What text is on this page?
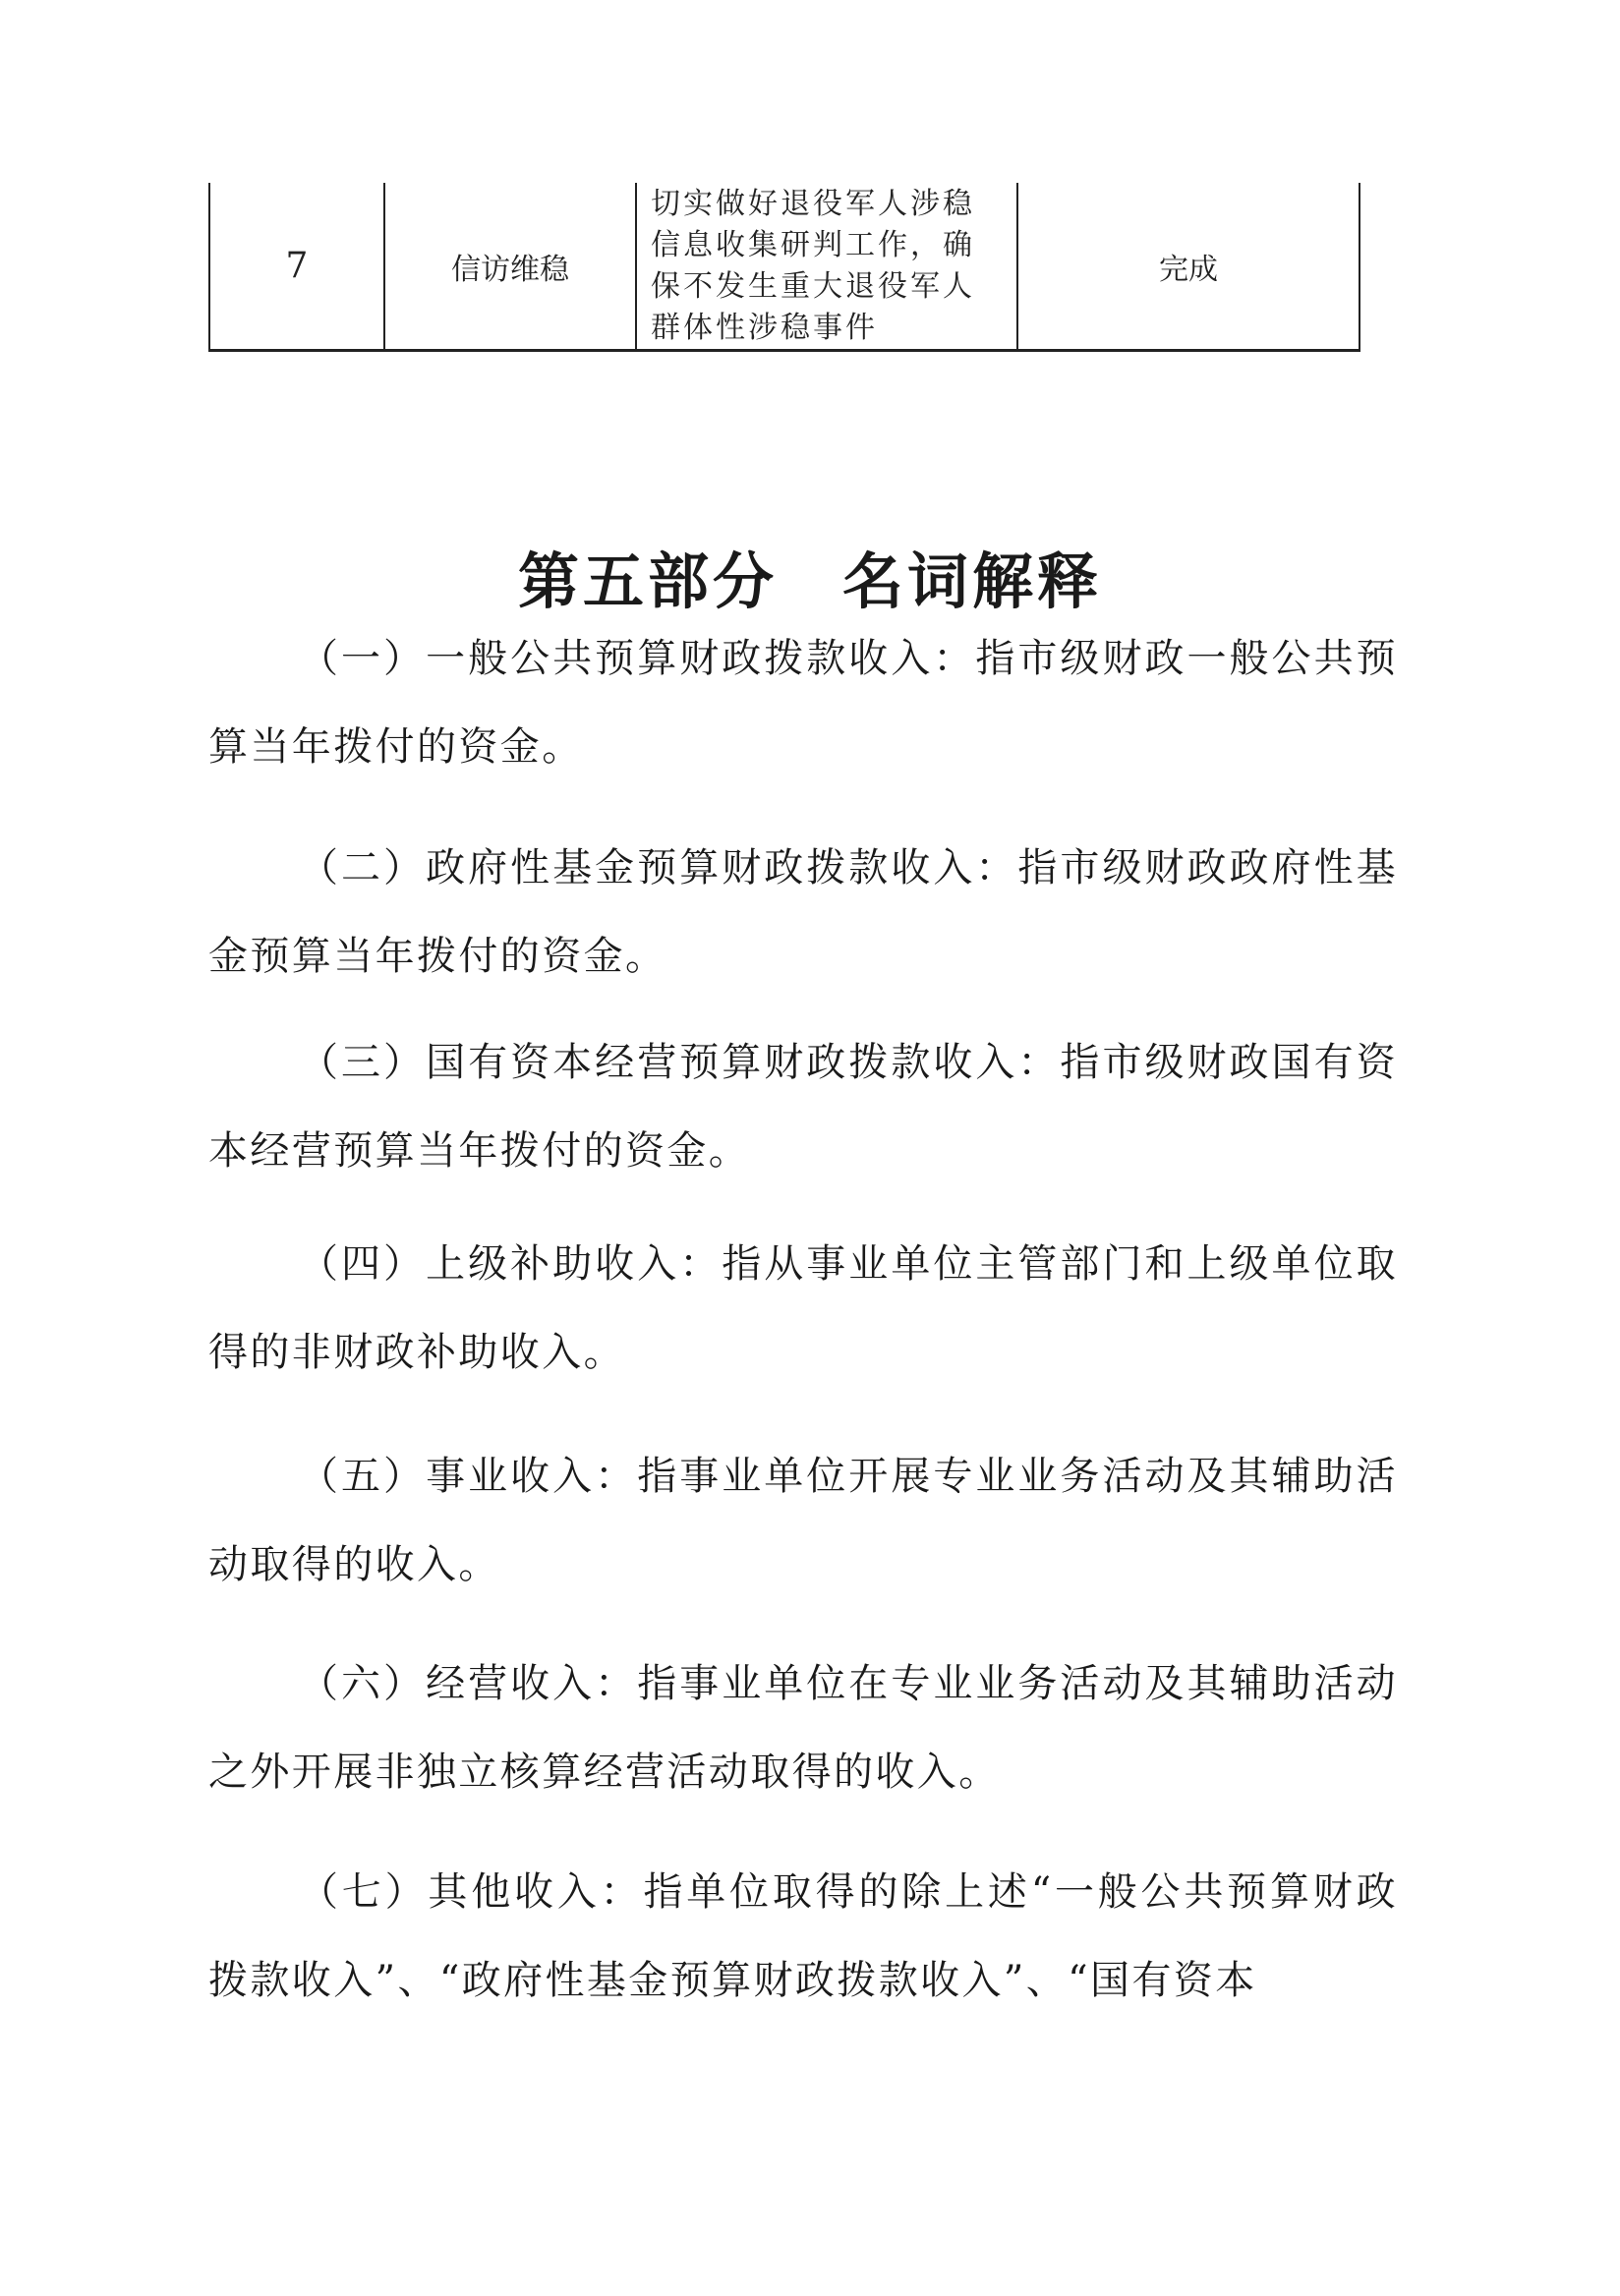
7	信访维稳
切实做好退役军人涉稳信息收集研判工作，确保不发生重大退役军人群体性涉稳事件
完成
第五部分　名词解释

（一）一般公共预算财政拨款收入：指市级财政一般公共预算当年拨付的资金。

（二）政府性基金预算财政拨款收入：指市级财政政府性基金预算当年拨付的资金。

（三）国有资本经营预算财政拨款收入：指市级财政国有资本经营预算当年拨付的资金。

（四）上级补助收入：指从事业单位主管部门和上级单位取得的非财政补助收入。

（五）事业收入：指事业单位开展专业业务活动及其辅助活动取得的收入。

（六）经营收入：指事业单位在专业业务活动及其辅助活动之外开展非独立核算经营活动取得的收入。

（七）其他收入：指单位取得的除上述“一般公共预算财政拨款收入”、“政府性基金预算财政拨款收入”、“国有资本
